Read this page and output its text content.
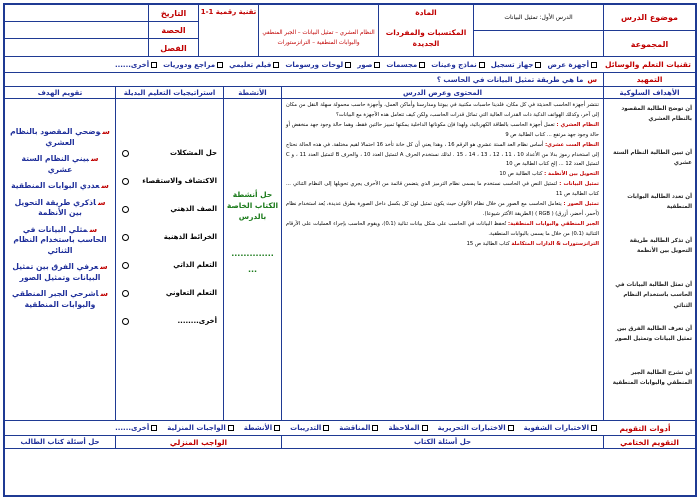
موضوع الدرس
المجموعة
الدرس الأول: تمثيل البيانات
المادة
المكتسبات والمفردات الجديدة
النظام العشري – تمثيل البيانات – الجبر المنطقي والبوابات المنطقية – الترانزستورات
تقنية رقمية 1-1
التاريخ
الحصة
الفصل
تقنيات التعلم والوسائل
أجهزة عرض
جهاز تسجيل
نماذج وعينات
مجسمات
صور
لوحات ورسومات
فيلم تعليمي
مراجع ودوريات
أخرى......
التمهيد
س
ما هي طريقة تمثيل البيانات في الحاسب ؟
الأهداف السلوكية
المحتوى وعرض الدرس
الأنشطة
استراتيجيات التعليم البديلة
تقويم الهدف

أن توضح الطالبة المقصود بالنظام العشري

أن تبين الطالبة النظام الستة عشري

أن تعدد الطالبة البوابات المنطقية

أن تذكر الطالبة طريقة التحويل بين الأنظمة

أن تمثل الطالبة البيانات في الحاسب باستخدام النظام الثنائي

أن تعرف الطالبة الفرق بين تمثيل البيانات وتمثيل الصور

أن تشرح الطالبة الجبر المنطقي والبوابات المنطقية

تنتشر أجهزة الحاسب الحديثة في كل مكان، فلدينا حاسبات مكتبية في بيوتنا ومدارسنا وأماكن العمل، وأجهزة حاسب محمولة سهلة النقل من مكان إلى آخر، وكذلك الهواتف الذكية ذات القدرات العالية التي تماثل قدرات الحاسب، ولكن كيف تتعامل هذه الأجهزة مع البيانات؟
النظام العشري : تعمل أجهزة الحاسب بالطاقة الكهربائية، ولهذا فإن مكوناتها الداخلية يمكنها تمييز حالتين فقط، وهما حالة وجود جهد منخفض أو حالة وجود جهد مرتفع ... كتاب الطالبة ص 9
النظام الست عشري: أساس نظام العد الستة عشري هو الرقم 16 ، وهذا يعني أن كل خانة تأخذ 16 احتمالا لقيم مختلفة. في هذه الحالة نحتاج إلى استخدام رموز بدلا من الأعداد 10 ، 11 ، 12 ، 13 ، 14 ، 15 . لذلك نستخدم الحرف A لتمثيل العدد 10 ، والحرف B لتمثيل العدد 11 ، و C لتمثيل العدد 12 ... إلخ كتاب الطالبة ص 10
التحويل بين الأنظمة : كتاب الطالبة ص 10
تمثيل البيانات : لتمثيل النص في الحاسب نستخدم ما يسمى نظام الترميز الذي يتضمن قائمة من الأحرف يجري تحويلها إلى النظام الثنائي ... كتاب الطالبة ص 11
تمثيل الصور : يتعامل الحاسب مع الصور من خلال نظام الألوان حيث يكون تمثيل لون كل بكسل داخل الصورة بطرق عديدة، يُعد استخدام نظام (أحمر، أخضر، أزرق) ( RGB ) (الطريقة الأكثر شيوعا).
الجبر المنطقي والبوابات المنطقية: تُحفظ البيانات في الحاسب على شكل بيانات ثنائية (0،1)، ويقوم الحاسب بإجراء العمليات على الأرقام الثنائية (0،1) من خلال ما يسمى بالبوابات المنطقية.
الترانزستورات & الدارات المتكاملة كتاب الطالبة ص 15
حل أنشطة الكتاب الخاصة بالدرس
..............
...
حل المشكلات
الاكتشاف والاستقصاء
الصف الذهني
الخرائط الذهنية
التعلم الذاتي
التعلم التعاوني
أخرى........
سوضحي المقصود بالنظام العشري
سبيني النظام الستة عشري
سعددي البوابات المنطقية
ساذكري طريقة التحويل بين الأنظمة
سمثلي البيانات في الحاسب باستخدام النظام الثنائي
سعرفي الفرق بين تمثيل البيانات وتمثيل الصور
ساشرحي الجبر المنطقي والبوابات المنطقية
أدوات التقويم
الاختبارات الشفوية
الاختبارات التحريرية
الملاحظة
المناقشة
التدريبات
الأنشطة
الواجبات المنزلية
أخرى......
التقويم الختامي
حل أسئلة الكتاب
الواجب المنزلي
حل أسئلة كتاب الطالب
